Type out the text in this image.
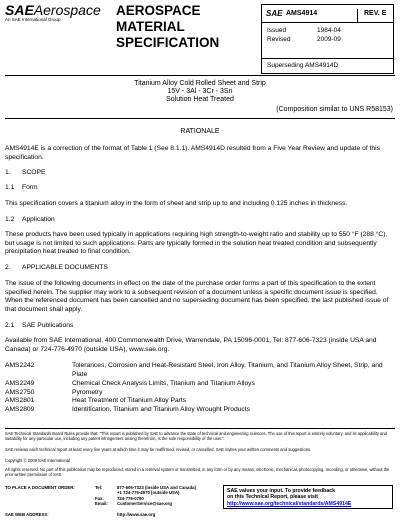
SAEAerospace
An SAE International Group
AEROSPACE
MATERIAL
SPECIFICATION
SAE AMS4914	REV. E
Issued	1984-04
Revised	2009-09
Superseding AMS4914D
Titanium Alloy Cold Rolled Sheet and Strip
15V - 3Al - 3Cr - 3Sn
Solution Heat Treated
(Composition similar to UNS R58153)
RATIONALE
AMS4914E is a correction of the format of Table 1 (See 8.1.1). AMS4914D resulted from a Five Year Review and update of this specification.
1. SCOPE
1.1 Form
This specification covers a titanium alloy in the form of sheet and strip up to and including 0.125 inches in thickness.
1.2 Application
These products have been used typically in applications requiring high strength-to-weight ratio and stability up to 550 °F (288 °C), but usage is not limited to such applications. Parts are typically formed in the solution heat treated condition and subsequently precipitation heat treated to final condition.
2. APPLICABLE DOCUMENTS
The issue of the following documents in effect on the date of the purchase order forms a part of this specification to the extent specified herein. The supplier may work to a subsequent revision of a document unless a specific document issue is specified. When the referenced document has been cancelled and no superseding document has been specified, the last published issue of that document shall apply.
2.1 SAE Publications
Available from SAE International, 400 Commonwealth Drive, Warrendale, PA 15096-0001, Tel: 877-606-7323 (inside USA and Canada) or 724-776-4970 (outside USA), www.sae.org.
AMS2242	Tolerances, Corrosion and Heat-Resistant Steel, Iron Alloy, Titanium, and Titanium Alloy Sheet, Strip, and Plate
AMS2249	Chemical Check Analysis Limits, Titanium and Titanium Alloys
AMS2750	Pyrometry
AMS2801	Heat Treatment of Titanium Alloy Parts
AMS2809	Identification, Titanium and Titanium Alloy Wrought Products
SAE Technical Standards Board Rules provide that: "This report is published by SAE to advance the state of technical and engineering sciences. The use of this report is entirely voluntary, and its applicability and suitability for any particular use, including any patent infringement arising therefrom, is the sole responsibility of the user."
SAE reviews each technical report at least every five years at which time it may be reaffirmed, revised, or cancelled. SAE invites your written comments and suggestions.
Copyright © 2009 SAE International
All rights reserved. No part of this publication may be reproduced, stored in a retrieval system or transmitted, in any form or by any means, electronic, mechanical, photocopying, recording, or otherwise, without the prior written permission of SAE.
TO PLACE A DOCUMENT ORDER:	Tel:	877-606-7323 (inside USA and Canada)
+1 724-776-4970 (outside USA)
Fax:	724-776-0790
Email: CustomerService@sae.org
SAE WEB ADDRESS:	http://www.sae.org
SAE values your input. To provide feedback
on this Technical Report, please visit
http://www.sae.org/technical/standards/AMS4914E
